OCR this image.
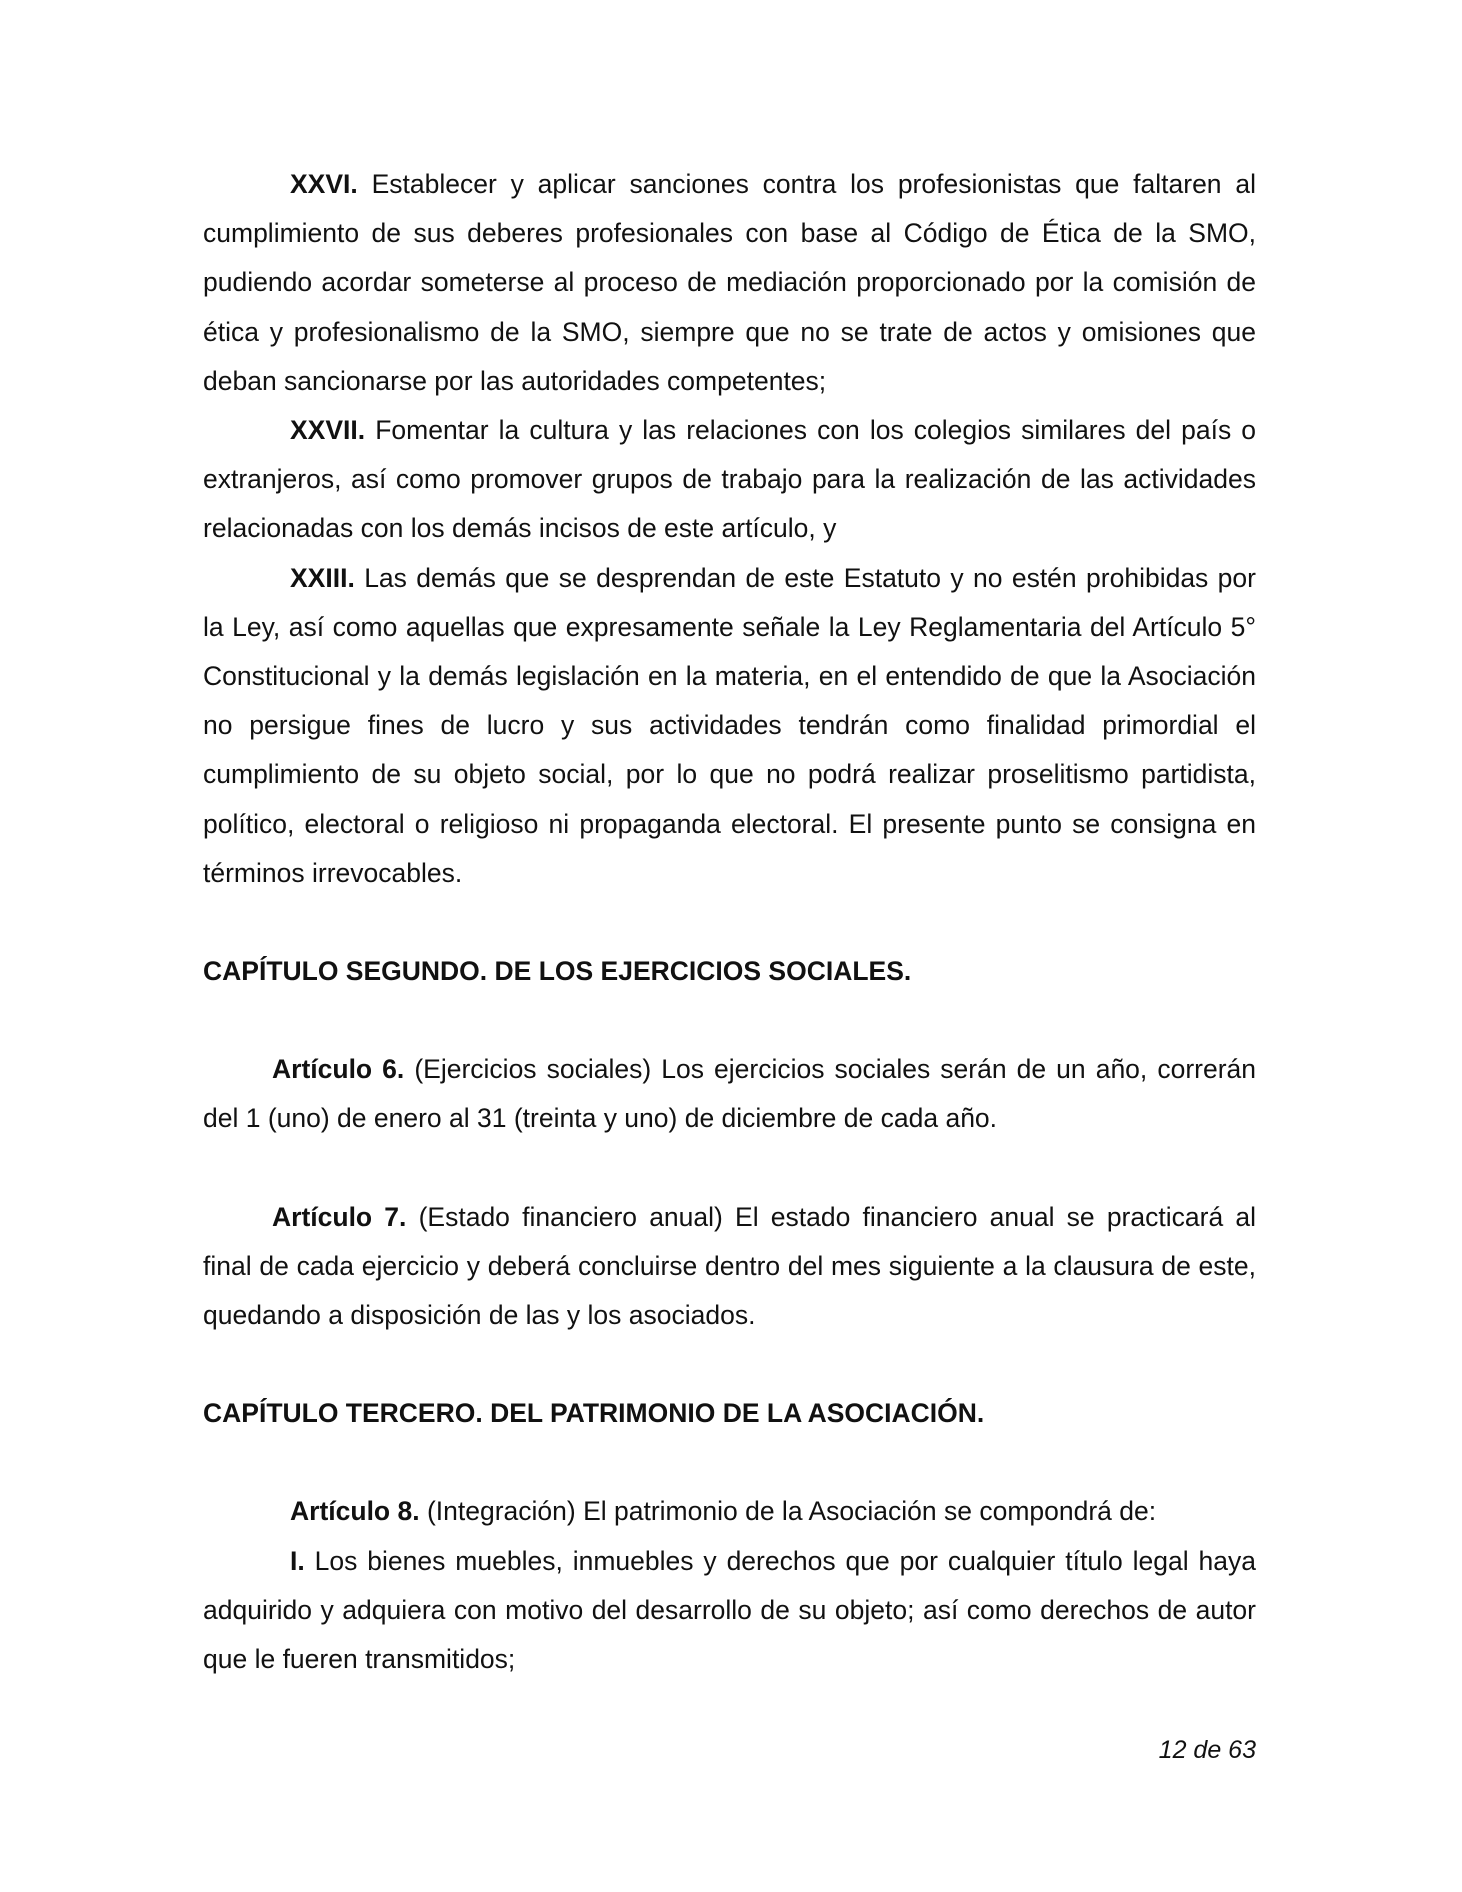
XXVI. Establecer y aplicar sanciones contra los profesionistas que faltaren al cumplimiento de sus deberes profesionales con base al Código de Ética de la SMO, pudiendo acordar someterse al proceso de mediación proporcionado por la comisión de ética y profesionalismo de la SMO, siempre que no se trate de actos y omisiones que deban sancionarse por las autoridades competentes;

XXVII. Fomentar la cultura y las relaciones con los colegios similares del país o extranjeros, así como promover grupos de trabajo para la realización de las actividades relacionadas con los demás incisos de este artículo, y

XXIII. Las demás que se desprendan de este Estatuto y no estén prohibidas por la Ley, así como aquellas que expresamente señale la Ley Reglamentaria del Artículo 5° Constitucional y la demás legislación en la materia, en el entendido de que la Asociación no persigue fines de lucro y sus actividades tendrán como finalidad primordial el cumplimiento de su objeto social, por lo que no podrá realizar proselitismo partidista, político, electoral o religioso ni propaganda electoral. El presente punto se consigna en términos irrevocables.

CAPÍTULO SEGUNDO. DE LOS EJERCICIOS SOCIALES.

Artículo 6. (Ejercicios sociales) Los ejercicios sociales serán de un año, correrán del 1 (uno) de enero al 31 (treinta y uno) de diciembre de cada año.

Artículo 7. (Estado financiero anual) El estado financiero anual se practicará al final de cada ejercicio y deberá concluirse dentro del mes siguiente a la clausura de este, quedando a disposición de las y los asociados.

CAPÍTULO TERCERO. DEL PATRIMONIO DE LA ASOCIACIÓN.

Artículo 8. (Integración) El patrimonio de la Asociación se compondrá de:

I. Los bienes muebles, inmuebles y derechos que por cualquier título legal haya adquirido y adquiera con motivo del desarrollo de su objeto; así como derechos de autor que le fueren transmitidos;

12 de 63
